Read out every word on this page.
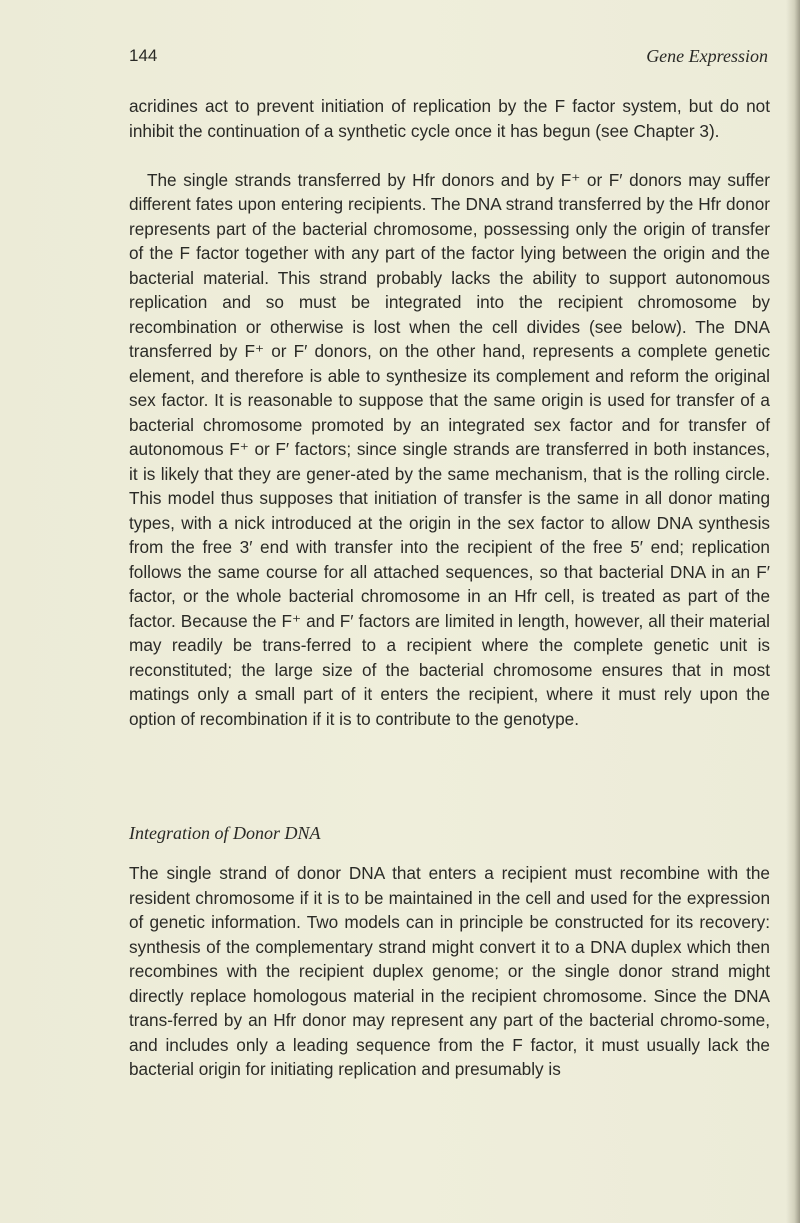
144	Gene Expression

acridines act to prevent initiation of replication by the F factor system, but do not inhibit the continuation of a synthetic cycle once it has begun (see Chapter 3).

The single strands transferred by Hfr donors and by F⁺ or F′ donors may suffer different fates upon entering recipients. The DNA strand transferred by the Hfr donor represents part of the bacterial chromosome, possessing only the origin of transfer of the F factor together with any part of the factor lying between the origin and the bacterial material. This strand probably lacks the ability to support autonomous replication and so must be integrated into the recipient chromosome by recombination or otherwise is lost when the cell divides (see below). The DNA transferred by F⁺ or F′ donors, on the other hand, represents a complete genetic element, and therefore is able to synthesize its complement and reform the original sex factor. It is reasonable to suppose that the same origin is used for transfer of a bacterial chromosome promoted by an integrated sex factor and for transfer of autonomous F⁺ or F′ factors; since single strands are transferred in both instances, it is likely that they are gener-ated by the same mechanism, that is the rolling circle. This model thus supposes that initiation of transfer is the same in all donor mating types, with a nick introduced at the origin in the sex factor to allow DNA synthesis from the free 3′ end with transfer into the recipient of the free 5′ end; replication follows the same course for all attached sequences, so that bacterial DNA in an F′ factor, or the whole bacterial chromosome in an Hfr cell, is treated as part of the factor. Because the F⁺ and F′ factors are limited in length, however, all their material may readily be trans-ferred to a recipient where the complete genetic unit is reconstituted; the large size of the bacterial chromosome ensures that in most matings only a small part of it enters the recipient, where it must rely upon the option of recombination if it is to contribute to the genotype.

Integration of Donor DNA

The single strand of donor DNA that enters a recipient must recombine with the resident chromosome if it is to be maintained in the cell and used for the expression of genetic information. Two models can in principle be constructed for its recovery: synthesis of the complementary strand might convert it to a DNA duplex which then recombines with the recipient duplex genome; or the single donor strand might directly replace homologous material in the recipient chromosome. Since the DNA trans-ferred by an Hfr donor may represent any part of the bacterial chromo-some, and includes only a leading sequence from the F factor, it must usually lack the bacterial origin for initiating replication and presumably is
